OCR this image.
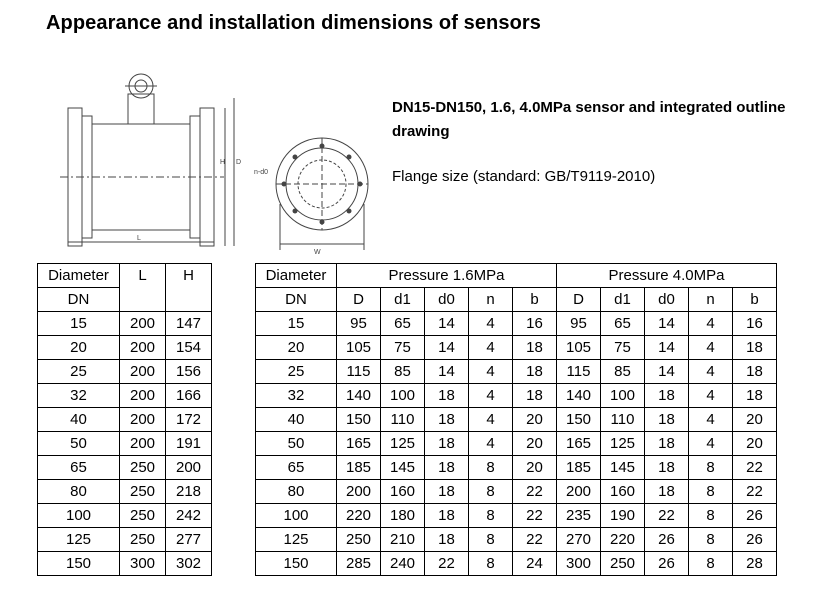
Appearance and installation dimensions of sensors
L
H D
W
n-d0
DN15-DN150, 1.6, 4.0MPa sensor and integrated outline drawing
Flange size (standard: GB/T9119-2010)
Diameter	L	H
DN		
15	200	147
20	200	154
25	200	156
32	200	166
40	200	172
50	200	191
65	250	200
80	250	218
100	250	242
125	250	277
150	300	302
Diameter	Pressure 1.6MPa					Pressure 4.0MPa				
DN	D	d1	d0	n	b	D	d1	d0	n	b
15	95	65	14	4	16	95	65	14	4	16
20	105	75	14	4	18	105	75	14	4	18
25	115	85	14	4	18	115	85	14	4	18
32	140	100	18	4	18	140	100	18	4	18
40	150	110	18	4	20	150	110	18	4	20
50	165	125	18	4	20	165	125	18	4	20
65	185	145	18	8	20	185	145	18	8	22
80	200	160	18	8	22	200	160	18	8	22
100	220	180	18	8	22	235	190	22	8	26
125	250	210	18	8	22	270	220	26	8	26
150	285	240	22	8	24	300	250	26	8	28
